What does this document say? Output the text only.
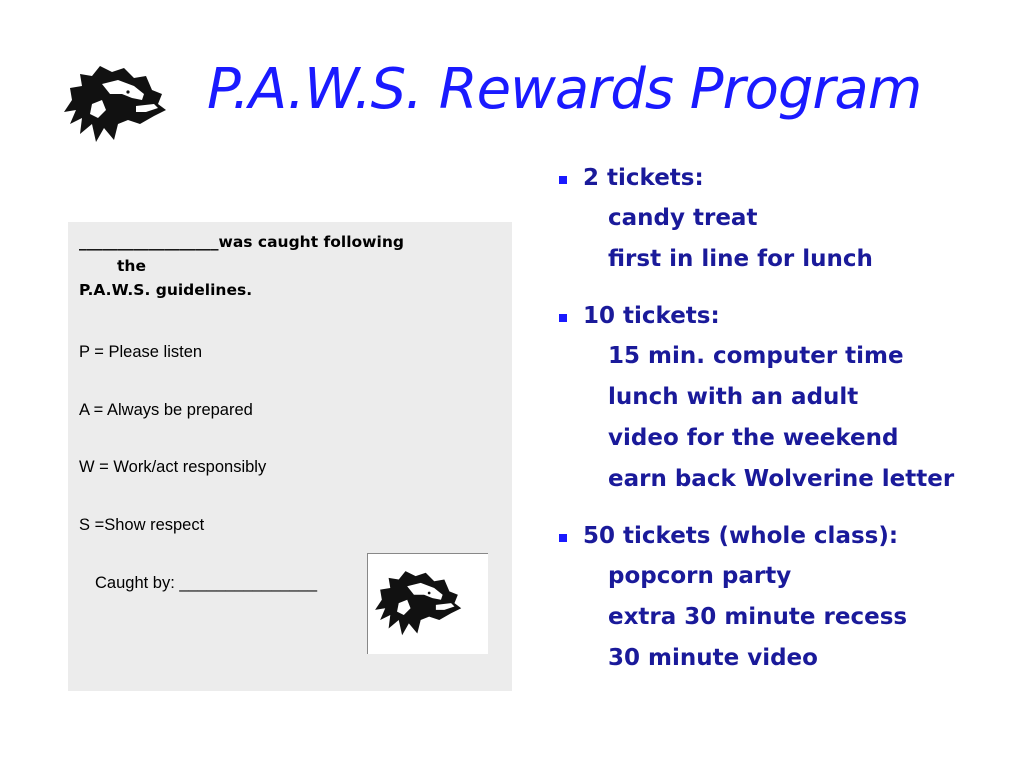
P.A.W.S. Rewards Program
__________________was caught following
the
P.A.W.S. guidelines.
P = Please listen
A = Always be prepared
W = Work/act responsibly
S =Show respect
Caught by: _______________
2 tickets:
candy treat
first in line for lunch
10 tickets:
15 min. computer time
lunch with an adult
video for the weekend
earn back Wolverine letter
50 tickets (whole class):
popcorn party
extra 30 minute recess
30 minute video
